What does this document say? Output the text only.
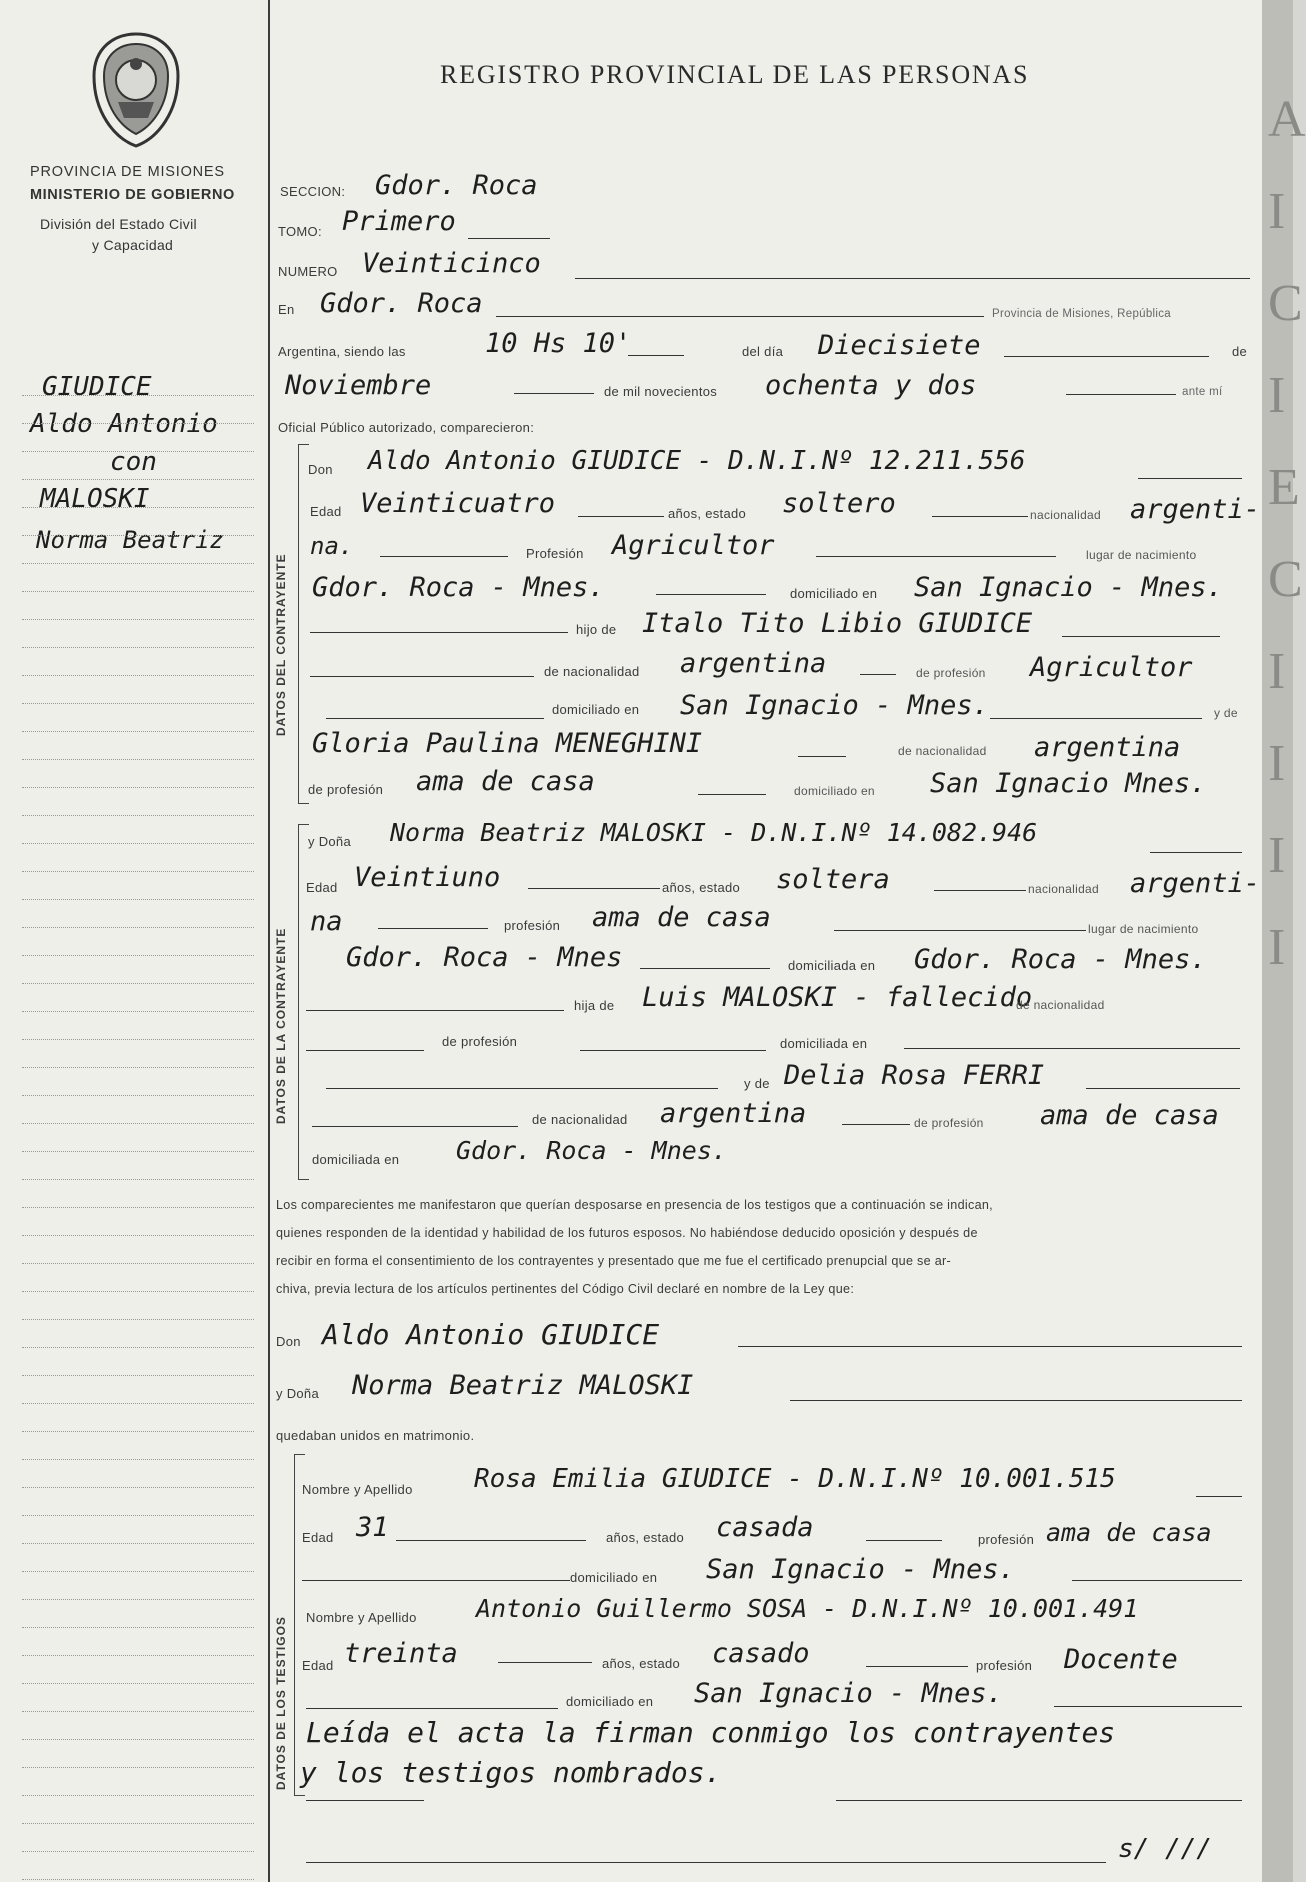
A
I
C
I
E
C
I
I
I
I
PROVINCIA DE MISIONES
MINISTERIO DE GOBIERNO
División del Estado Civil
y Capacidad
GIUDICE
Aldo Antonio
con
MALOSKI
Norma Beatriz
REGISTRO PROVINCIAL DE LAS PERSONAS
SECCION: Gdor. Roca
TOMO: Primero
NUMERO Veinticinco
En Gdor. Roca	Provincia de Misiones, República
Argentina, siendo las	10 Hs 10'	del día Diecisiete	de
Noviembre	de mil novecientos ochenta y dos	ante mí
Oficial Público autorizado, comparecieron:
DATOS DEL CONTRAYENTE
Don Aldo Antonio GIUDICE - D.N.I.Nº 12.211.556
Edad Veinticuatro	años, estado soltero	nacionalidad argenti-
na.	Profesión Agricultor	lugar de nacimiento
Gdor. Roca - Mnes.	domiciliado en San Ignacio - Mnes.
hijo de Italo Tito Libio GIUDICE
de nacionalidad argentina	de profesión Agricultor
domiciliado en San Ignacio - Mnes.	y de
Gloria Paulina MENEGHINI	de nacionalidad argentina
de profesión ama de casa	domiciliado en San Ignacio Mnes.
DATOS DE LA CONTRAYENTE
y Doña Norma Beatriz MALOSKI - D.N.I.Nº 14.082.946
Edad Veintiuno	años, estado soltera	nacionalidad argenti-
na	profesión ama de casa	lugar de nacimiento
Gdor. Roca - Mnes	domiciliada en Gdor. Roca - Mnes.
hija de Luis MALOSKI - fallecido
de nacionalidad
de profesión	domiciliada en
y de Delia Rosa FERRI
de nacionalidad argentina	de profesión ama de casa
domiciliada en Gdor. Roca - Mnes.
Los comparecientes me manifestaron que querían desposarse en presencia de los testigos que a continuación se indican,
quienes responden de la identidad y habilidad de los futuros esposos. No habiéndose deducido oposición y después de
recibir en forma el consentimiento de los contrayentes y presentado que me fue el certificado prenupcial que se ar-
chiva, previa lectura de los artículos pertinentes del Código Civil declaré en nombre de la Ley que:
Don Aldo Antonio GIUDICE
y Doña Norma Beatriz MALOSKI
quedaban unidos en matrimonio.
DATOS DE LOS TESTIGOS
Nombre y Apellido Rosa Emilia GIUDICE - D.N.I.Nº 10.001.515
Edad 31	años, estado casada	profesión ama de casa
domiciliado en San Ignacio - Mnes.
Nombre y Apellido Antonio Guillermo SOSA - D.N.I.Nº 10.001.491
Edad treinta	años, estado casado	profesión Docente
domiciliado en San Ignacio - Mnes.
Leída el acta la firman conmigo los contrayentes
y los testigos nombrados.
s/ ///
